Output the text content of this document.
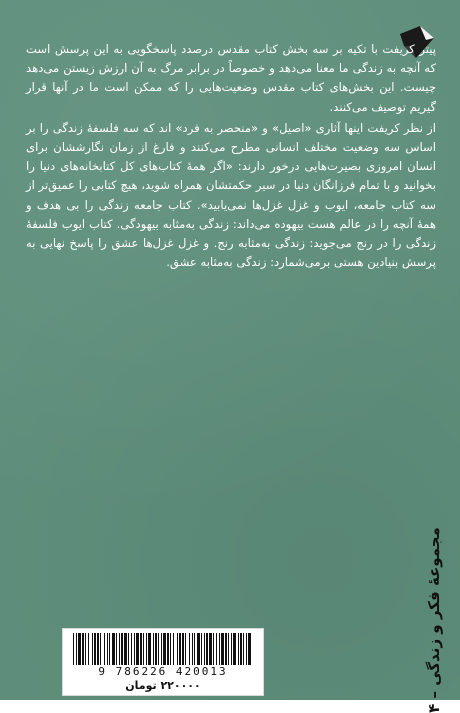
پیتر کریفت با تکیه بر سه بخش کتاب مقدس درصدد پاسخگویی به این پرسش است که آنچه به زندگی ما معنا می‌دهد و خصوصاً در برابر مرگ به آن ارزش زیستن می‌دهد چیست. این بخش‌های کتاب مقدس وضعیت‌هایی را که ممکن است ما در آنها قرار گیریم توصیف می‌کنند.

از نظر کریفت اینها آثاری «اصیل» و «منحصر به فرد» اند که سه فلسفهٔ زندگی را بر اساس سه وضعیت مختلف انسانی مطرح می‌کنند و فارغ از زمان نگارششان برای انسان امروزی بصیرت‌هایی درخور دارند: «اگر همهٔ کتاب‌های کل کتابخانه‌های دنیا را بخوانید و با تمام فرزانگان دنیا در سیر حکمتشان همراه شوید، هیچ کتابی را عمیق‌تر از سه کتاب جامعه، ایوب و غزل غزل‌ها نمی‌یابید». کتاب جامعه زندگی را بی هدف و همهٔ آنچه را در عالم هست بیهوده می‌داند: زندگی به‌مثابه بیهودگی. کتاب ایوب فلسفهٔ زندگی را در رنج می‌جوید: زندگی به‌مثابه رنج. و غزل غزل‌ها عشق را پاسخ نهایی به پرسش بنیادین هستی برمی‌شمارد: زندگی به‌مثابه عشق.

مجموعهٔ فکر و زندگی – ۴
9 786226 420013
۲۲۰۰۰۰ تومان
